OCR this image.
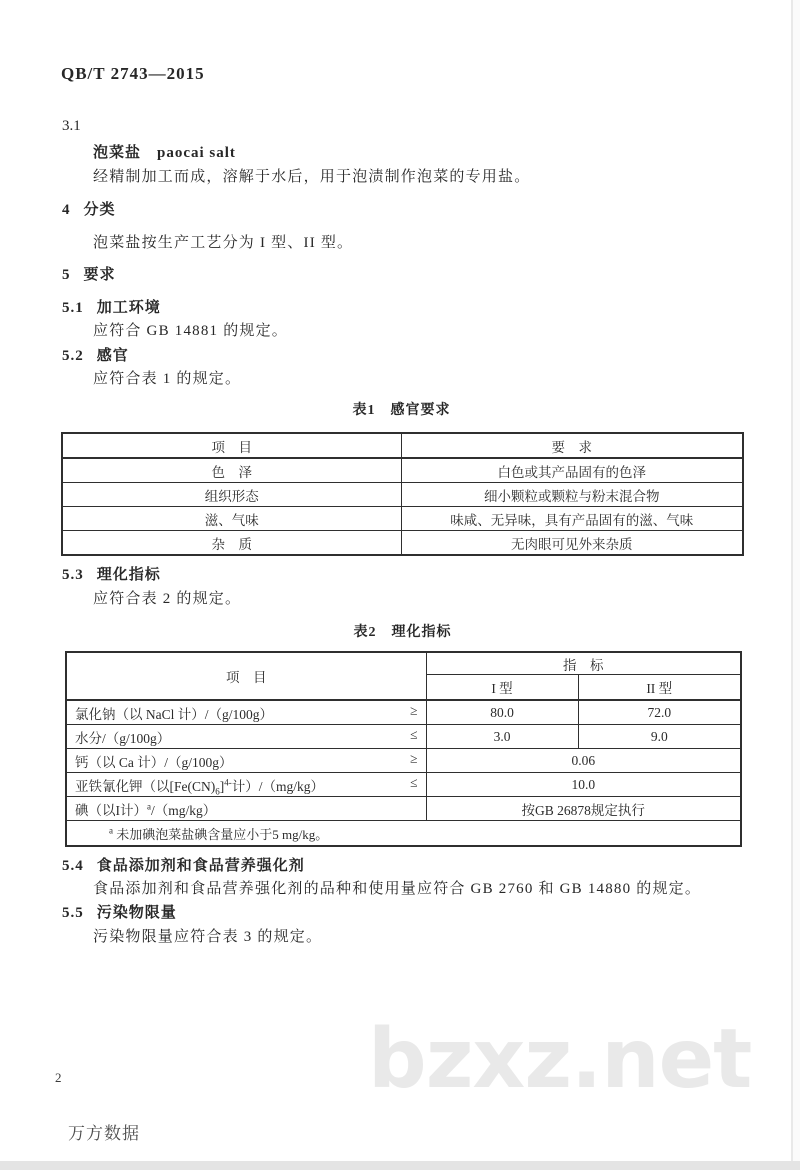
QB/T 2743—2015
3.1
泡菜盐　paocai salt
经精制加工而成，溶解于水后，用于泡渍制作泡菜的专用盐。
4 分类
泡菜盐按生产工艺分为 I 型、II 型。
5 要求
5.1 加工环境
应符合 GB 14881 的规定。
5.2 感官
应符合表 1 的规定。
表1　感官要求
项　目	要　求
色　泽	白色或其产品固有的色泽
组织形态	细小颗粒或颗粒与粉末混合物
滋、气味	味咸、无异味，具有产品固有的滋、气味
杂　质	无肉眼可见外来杂质
5.3 理化指标
应符合表 2 的规定。
表2　理化指标
项　目	指　标	
	I 型	II 型
氯化钠（以 NaCl 计）/（g/100g） ≥	80.0	72.0
水分/（g/100g） ≤	3.0	9.0
钙（以 Ca 计）/（g/100g） ≥	0.06	
亚铁氰化钾（以$[Fe(CN)_6]^{4-}$计）/（mg/kg） ≤	10.0	
碘（以I计）$^a$/（mg/kg）	按GB 26878规定执行	
$^a$ 未加碘泡菜盐碘含量应小于5 mg/kg。		
5.4 食品添加剂和食品营养强化剂
食品添加剂和食品营养强化剂的品种和使用量应符合 GB 2760 和 GB 14880 的规定。
5.5 污染物限量
污染物限量应符合表 3 的规定。
bzxz.net
2
万方数据
